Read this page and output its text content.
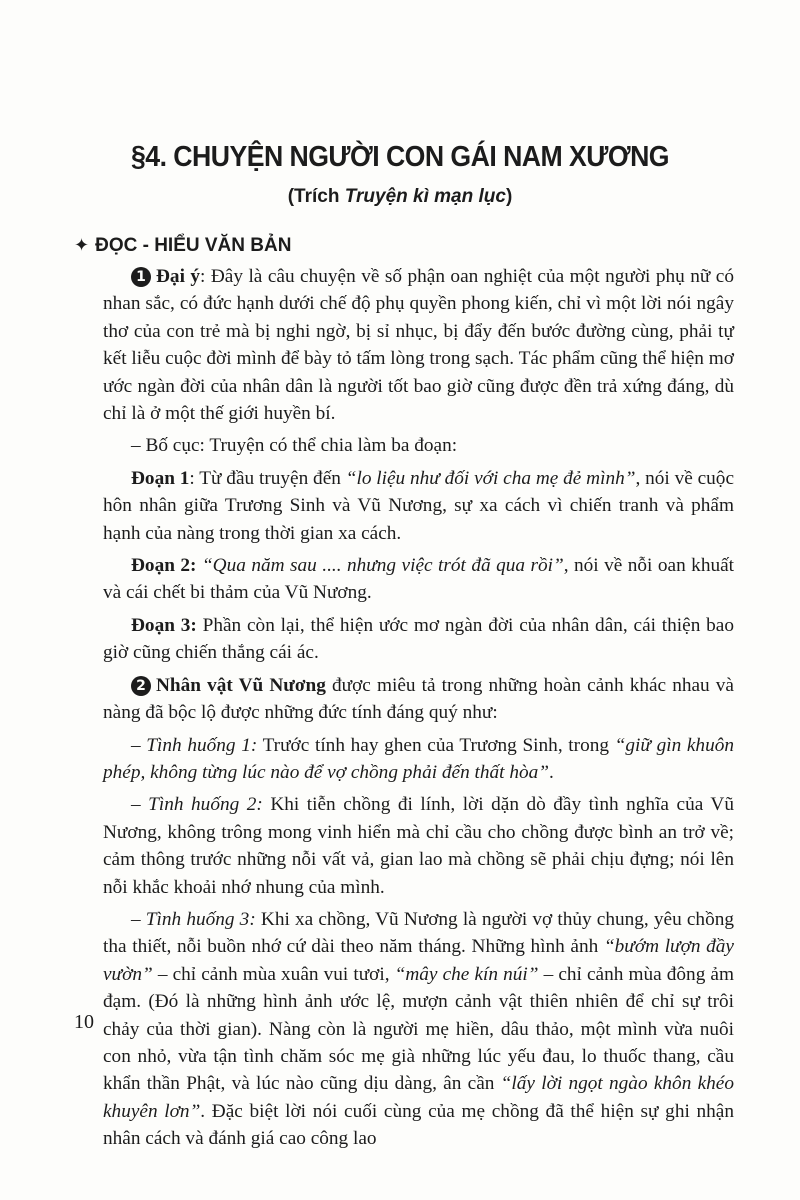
§4. CHUYỆN NGƯỜI CON GÁI NAM XƯƠNG
(Trích Truyện kì mạn lục)
✦ ĐỌC - HIỂU VĂN BẢN

1 Đại ý: Đây là câu chuyện về số phận oan nghiệt của một người phụ nữ có nhan sắc, có đức hạnh dưới chế độ phụ quyền phong kiến, chỉ vì một lời nói ngây thơ của con trẻ mà bị nghi ngờ, bị sỉ nhục, bị đẩy đến bước đường cùng, phải tự kết liễu cuộc đời mình để bày tỏ tấm lòng trong sạch. Tác phẩm cũng thể hiện mơ ước ngàn đời của nhân dân là người tốt bao giờ cũng được đền trả xứng đáng, dù chỉ là ở một thế giới huyền bí.

– Bố cục: Truyện có thể chia làm ba đoạn:

Đoạn 1: Từ đầu truyện đến “lo liệu như đối với cha mẹ đẻ mình”, nói về cuộc hôn nhân giữa Trương Sinh và Vũ Nương, sự xa cách vì chiến tranh và phẩm hạnh của nàng trong thời gian xa cách.

Đoạn 2: “Qua năm sau .... nhưng việc trót đã qua rồi”, nói về nỗi oan khuất và cái chết bi thảm của Vũ Nương.

Đoạn 3: Phần còn lại, thể hiện ước mơ ngàn đời của nhân dân, cái thiện bao giờ cũng chiến thắng cái ác.

2 Nhân vật Vũ Nương được miêu tả trong những hoàn cảnh khác nhau và nàng đã bộc lộ được những đức tính đáng quý như:

– Tình huống 1: Trước tính hay ghen của Trương Sinh, trong “giữ gìn khuôn phép, không từng lúc nào để vợ chồng phải đến thất hòa”.

– Tình huống 2: Khi tiễn chồng đi lính, lời dặn dò đầy tình nghĩa của Vũ Nương, không trông mong vinh hiển mà chỉ cầu cho chồng được bình an trở về; cảm thông trước những nỗi vất vả, gian lao mà chồng sẽ phải chịu đựng; nói lên nỗi khắc khoải nhớ nhung của mình.

– Tình huống 3: Khi xa chồng, Vũ Nương là người vợ thủy chung, yêu chồng tha thiết, nỗi buồn nhớ cứ dài theo năm tháng. Những hình ảnh “bướm lượn đầy vườn” – chỉ cảnh mùa xuân vui tươi, “mây che kín núi” – chỉ cảnh mùa đông ảm đạm. (Đó là những hình ảnh ước lệ, mượn cảnh vật thiên nhiên để chỉ sự trôi chảy của thời gian). Nàng còn là người mẹ hiền, dâu thảo, một mình vừa nuôi con nhỏ, vừa tận tình chăm sóc mẹ già những lúc yếu đau, lo thuốc thang, cầu khẩn thần Phật, và lúc nào cũng dịu dàng, ân cần “lấy lời ngọt ngào khôn khéo khuyên lơn”. Đặc biệt lời nói cuối cùng của mẹ chồng đã thể hiện sự ghi nhận nhân cách và đánh giá cao công lao

10
